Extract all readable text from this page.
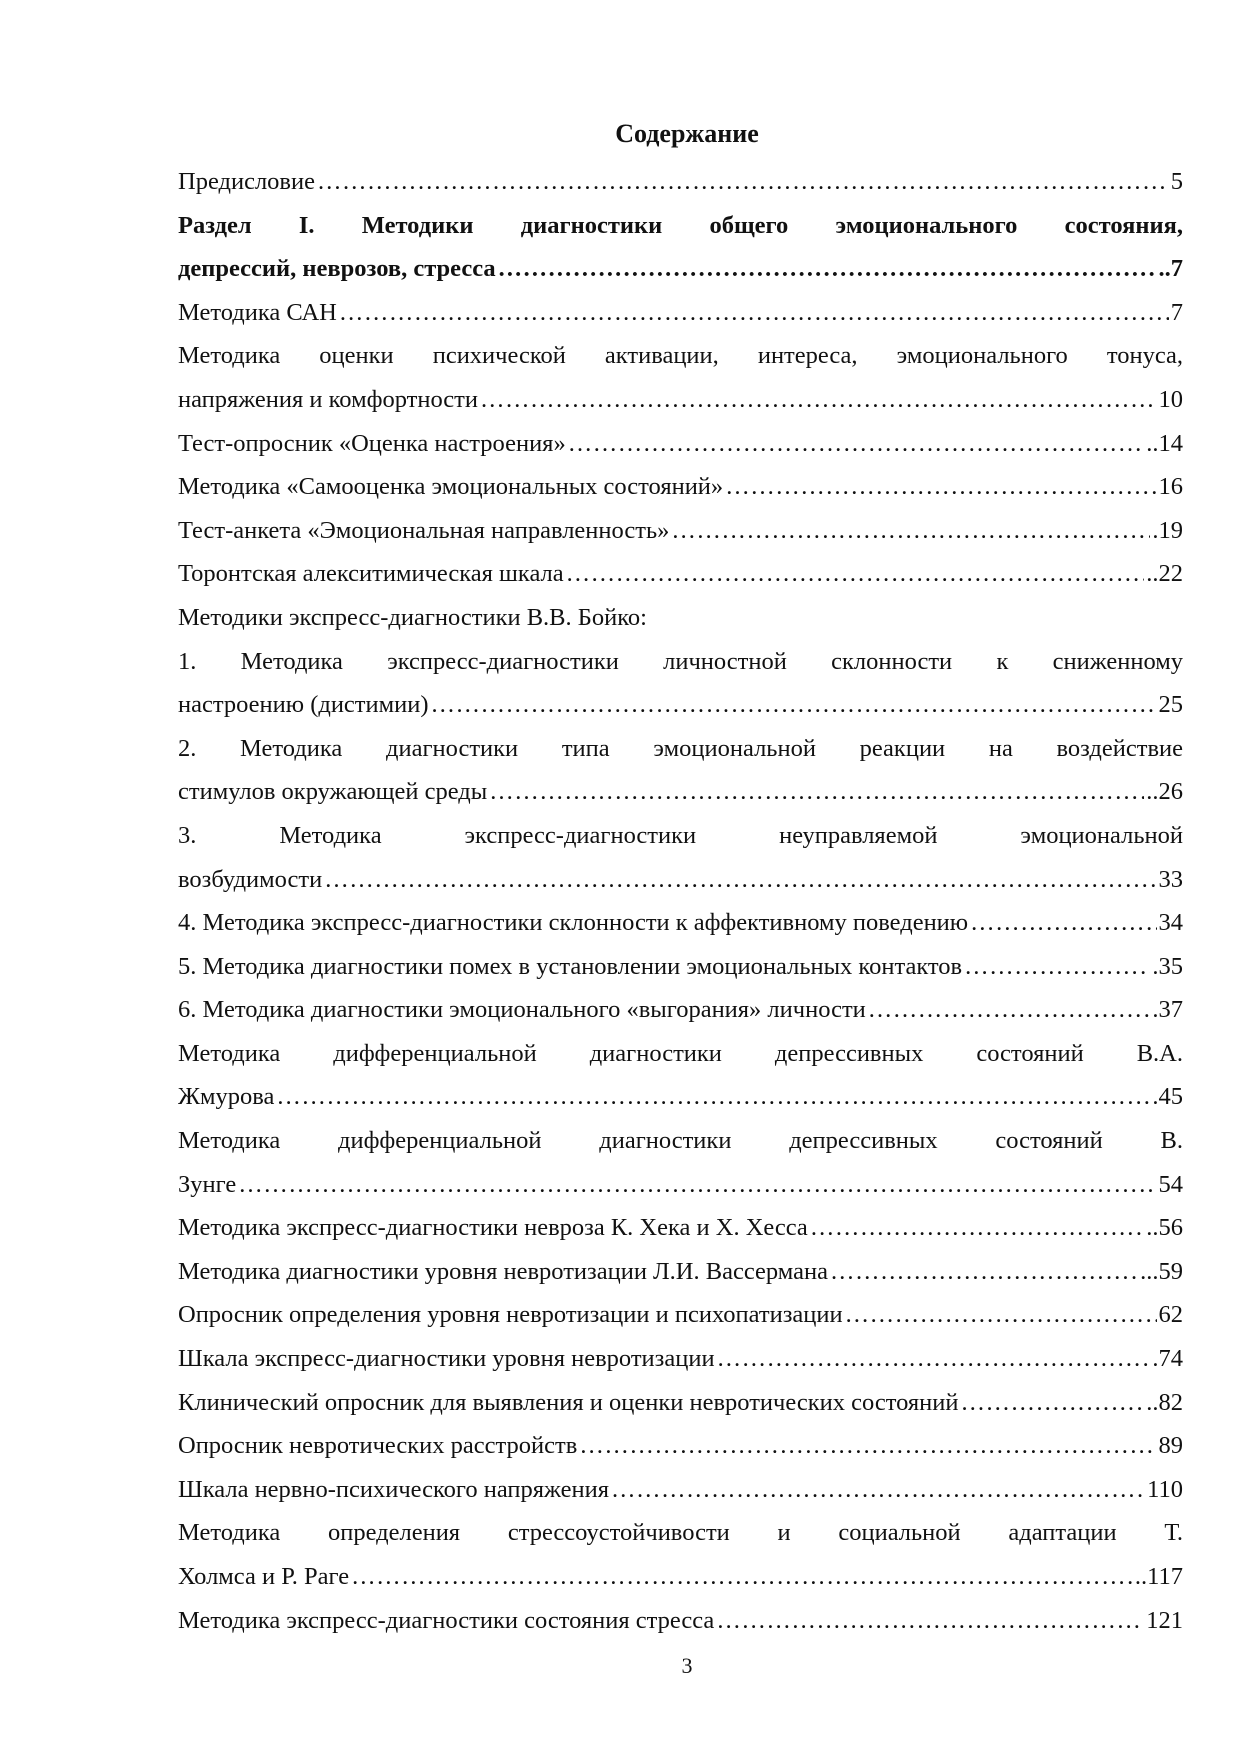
Содержание
Предисловие ……………………………………………………………………………………………………………………………………………………………………………	5
Раздел I. Методики диагностики общего эмоционального состояния,
депрессий, неврозов, стресса ……………………………………………………………………………………………………………………………………………………………………………	..7
Методика САН ……………………………………………………………………………………………………………………………………………………………………………	7
Методика оценки психической активации, интереса, эмоционального тонуса,
напряжения и комфортности ……………………………………………………………………………………………………………………………………………………………………………	10
Тест-опросник «Оценка настроения» ……………………………………………………………………………………………………………………………………………………………………………	..14
Методика «Самооценка эмоциональных состояний» ……………………………………………………………………………………………………………………………………………………………………………	16
Тест-анкета «Эмоциональная направленность» ……………………………………………………………………………………………………………………………………………………………………………	.19
Торонтская алекситимическая шкала ……………………………………………………………………………………………………………………………………………………………………………	..22
Методики экспресс-диагностики В.В. Бойко:
1. Методика экспресс-диагностики личностной склонности к сниженному
настроению (дистимии) ……………………………………………………………………………………………………………………………………………………………………………	25
2. Методика диагностики типа эмоциональной реакции на воздействие
стимулов окружающей среды ……………………………………………………………………………………………………………………………………………………………………………	..26
3. Методика экспресс-диагностики неуправляемой эмоциональной
возбудимости ……………………………………………………………………………………………………………………………………………………………………………	33
4. Методика экспресс-диагностики склонности к аффективному поведению ……………………………………………………………………………………………………………………………………………………………………………	34
5. Методика диагностики помех в установлении эмоциональных контактов ……………………………………………………………………………………………………………………………………………………………………………	.35
6. Методика диагностики эмоционального «выгорания» личности ……………………………………………………………………………………………………………………………………………………………………………	.37
Методика дифференциальной диагностики депрессивных состояний В.А.
Жмурова ……………………………………………………………………………………………………………………………………………………………………………	.45
Методика дифференциальной диагностики депрессивных состояний В.
Зунге ……………………………………………………………………………………………………………………………………………………………………………	54
Методика экспресс-диагностики невроза К. Хека и Х. Хесса ……………………………………………………………………………………………………………………………………………………………………………	..56
Методика диагностики уровня невротизации Л.И. Вассермана ……………………………………………………………………………………………………………………………………………………………………………	...59
Опросник определения уровня невротизации и психопатизации ……………………………………………………………………………………………………………………………………………………………………………	62
Шкала экспресс-диагностики уровня невротизации ……………………………………………………………………………………………………………………………………………………………………………	.74
Клинический опросник для выявления и оценки невротических состояний ……………………………………………………………………………………………………………………………………………………………………………	..82
Опросник невротических расстройств ……………………………………………………………………………………………………………………………………………………………………………	89
Шкала нервно-психического напряжения ……………………………………………………………………………………………………………………………………………………………………………	110
Методика определения стрессоустойчивости и социальной адаптации Т.
Холмса и Р. Раге ……………………………………………………………………………………………………………………………………………………………………………	..117
Методика экспресс-диагностики состояния стресса ……………………………………………………………………………………………………………………………………………………………………………	121
3
